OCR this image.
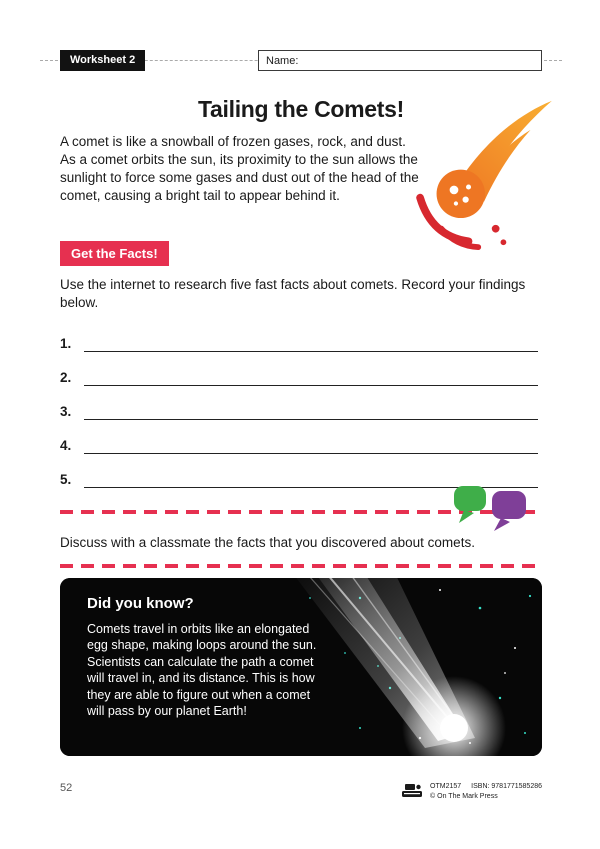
Worksheet 2	Name:
Tailing the Comets!

A comet is like a snowball of frozen gases, rock, and dust. As a comet orbits the sun, its proximity to the sun allows the sunlight to force some gases and dust out of the head of the comet, causing a bright tail to appear behind it.

Get the Facts!

Use the internet to research five fast facts about comets. Record your findings below.

1.
2.
3.
4.
5.

Discuss with a classmate the facts that you discovered about comets.

Did you know?

Comets travel in orbits like an elongated egg shape, making loops around the sun. Scientists can calculate the path a comet will travel in, and its distance. This is how they are able to figure out when a comet will pass by our planet Earth!

52	OTM2157 ISBN: 9781771585286
© On The Mark Press
